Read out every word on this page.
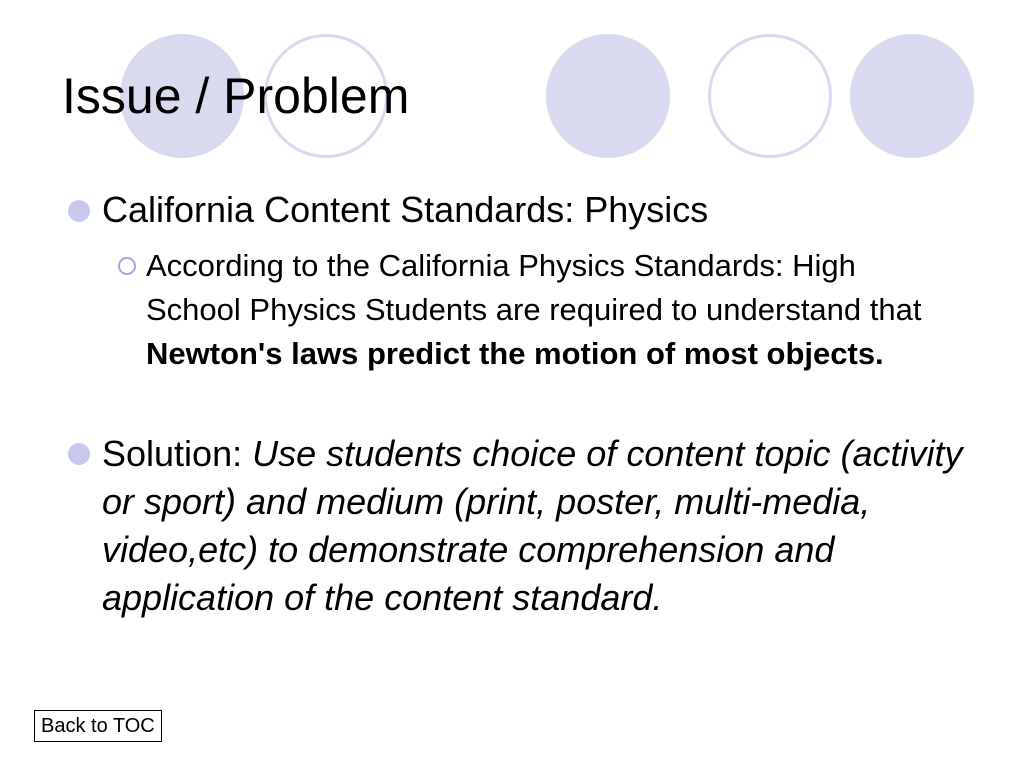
Issue / Problem

California Content Standards: Physics

According to the California Physics Standards: High School Physics Students are required to understand that Newton's laws predict the motion of most objects.

Solution: Use students choice of content topic (activity or sport) and medium (print, poster, multi-media, video,etc) to demonstrate comprehension and application of the content standard.

Back to TOC
